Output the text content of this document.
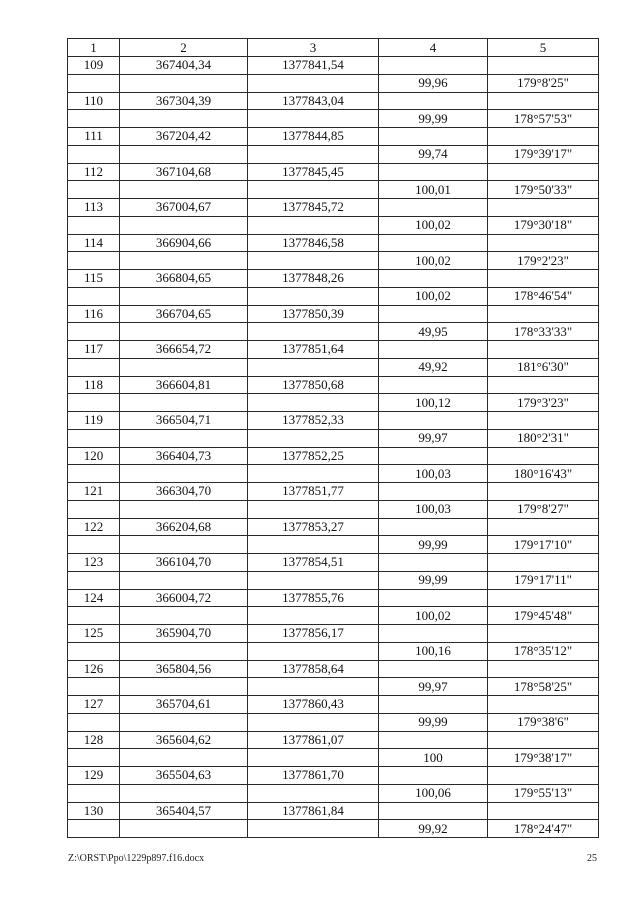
1	2	3	4	5
109	367404,34	1377841,54		
			99,96	179°8'25"
110	367304,39	1377843,04		
			99,99	178°57'53"
111	367204,42	1377844,85		
			99,74	179°39'17"
112	367104,68	1377845,45		
			100,01	179°50'33"
113	367004,67	1377845,72		
			100,02	179°30'18"
114	366904,66	1377846,58		
			100,02	179°2'23"
115	366804,65	1377848,26		
			100,02	178°46'54"
116	366704,65	1377850,39		
			49,95	178°33'33"
117	366654,72	1377851,64		
			49,92	181°6'30"
118	366604,81	1377850,68		
			100,12	179°3'23"
119	366504,71	1377852,33		
			99,97	180°2'31"
120	366404,73	1377852,25		
			100,03	180°16'43"
121	366304,70	1377851,77		
			100,03	179°8'27"
122	366204,68	1377853,27		
			99,99	179°17'10"
123	366104,70	1377854,51		
			99,99	179°17'11"
124	366004,72	1377855,76		
			100,02	179°45'48"
125	365904,70	1377856,17		
			100,16	178°35'12"
126	365804,56	1377858,64		
			99,97	178°58'25"
127	365704,61	1377860,43		
			99,99	179°38'6"
128	365604,62	1377861,07		
			100	179°38'17"
129	365504,63	1377861,70		
			100,06	179°55'13"
130	365404,57	1377861,84		
			99,92	178°24'47"
Z:\ORST\Ppo\1229p897.f16.docx	25
